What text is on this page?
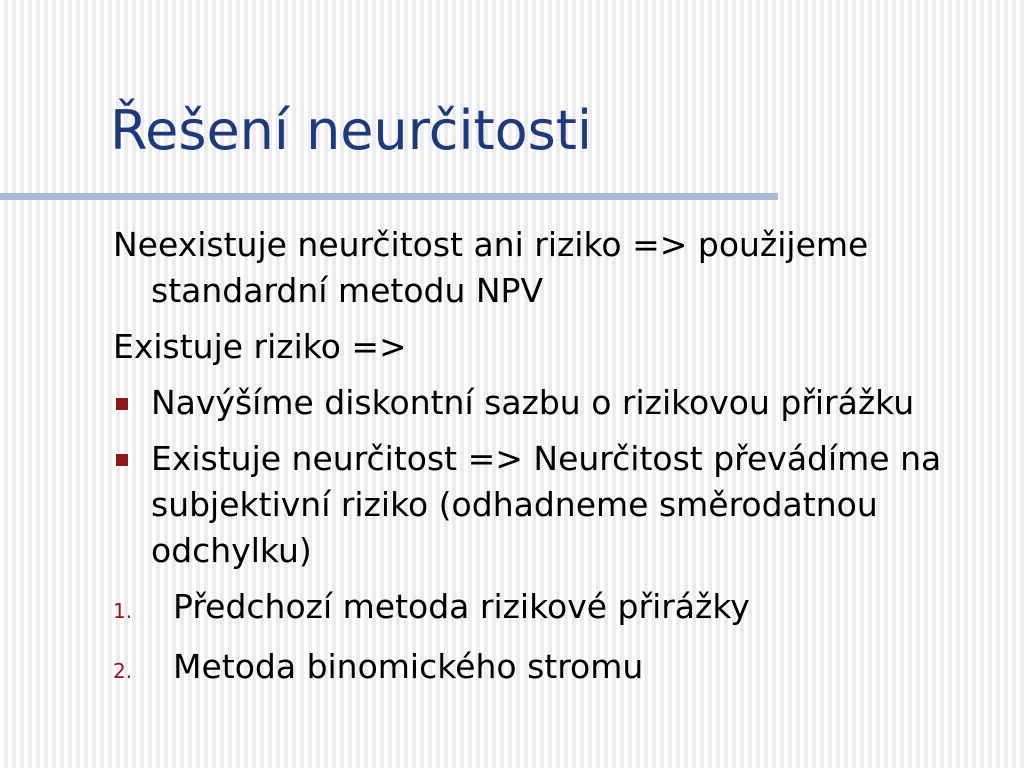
Řešení neurčitosti
Neexistuje neurčitost ani riziko => použijeme standardní metodu NPV
Existuje riziko =>
Navýšíme diskontní sazbu o rizikovou přirážku
Existuje neurčitost => Neurčitost převádíme na subjektivní riziko (odhadneme směrodatnou odchylku)
1.	Předchozí metoda rizikové přirážky
2.	Metoda binomického stromu
